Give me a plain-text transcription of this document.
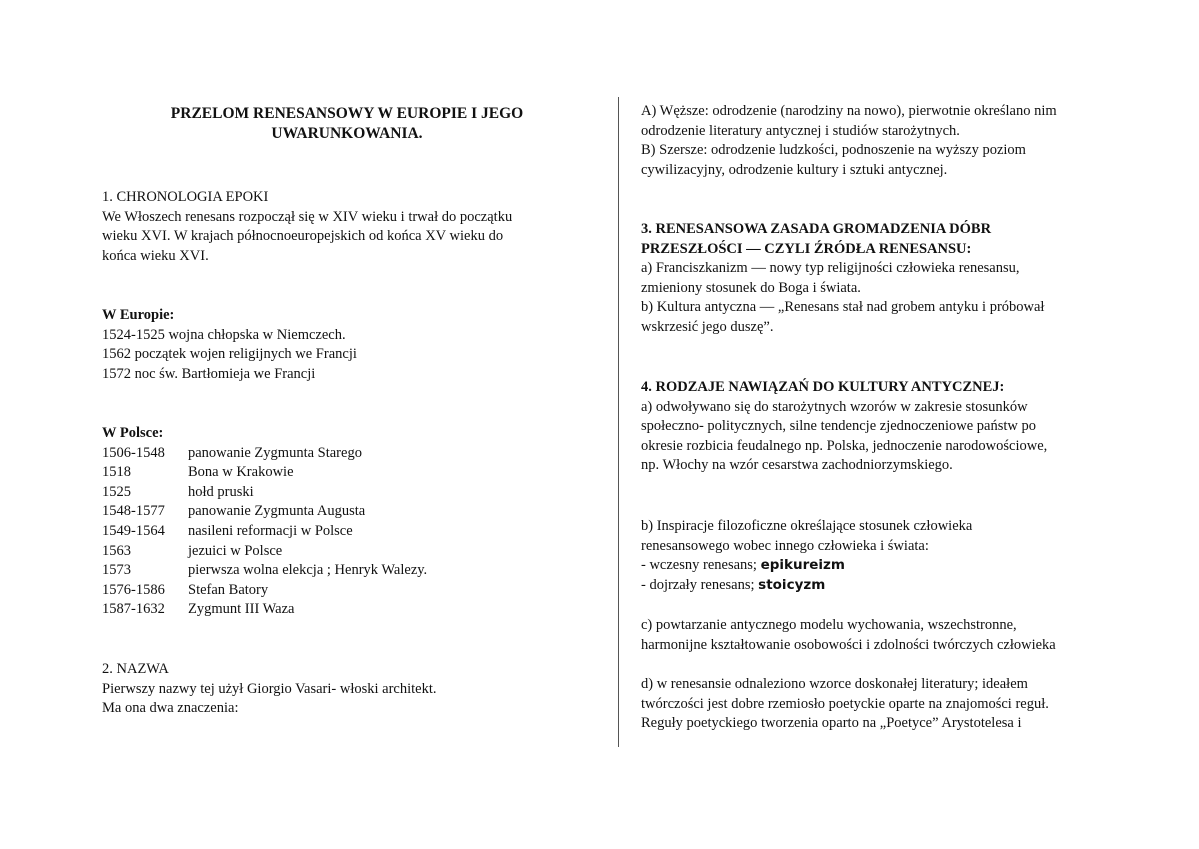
PRZELOM RENESANSOWY W EUROPIE I JEGO
UWARUNKOWANIA.
1. CHRONOLOGIA EPOKI
We Włoszech renesans rozpoczął się w XIV wieku i trwał do początku
wieku XVI. W krajach północnoeuropejskich od końca XV wieku do
końca wieku XVI.
W Europie:
1524-1525 wojna chłopska w Niemczech.
1562 początek wojen religijnych we Francji
1572 noc św. Bartłomieja we Francji
W Polsce:
1506-1548 panowanie Zygmunta Starego
1518	Bona w Krakowie
1525	hołd pruski
1548-1577 panowanie Zygmunta Augusta
1549-1564 nasileni reformacji w Polsce
1563	jezuici w Polsce
1573	pierwsza wolna elekcja ; Henryk Walezy.
1576-1586 Stefan Batory
1587-1632 Zygmunt III Waza
2. NAZWA
Pierwszy nazwy tej użył Giorgio Vasari- włoski architekt.
Ma ona dwa znaczenia:
A) Węższe: odrodzenie (narodziny na nowo), pierwotnie określano nim
odrodzenie literatury antycznej i studiów starożytnych.
B) Szersze: odrodzenie ludzkości, podnoszenie na wyższy poziom
cywilizacyjny, odrodzenie kultury i sztuki antycznej.
3. RENESANSOWA ZASADA GROMADZENIA DÓBR
PRZESZŁOŚCI — CZYLI ŹRÓDŁA RENESANSU:
a) Franciszkanizm — nowy typ religijności człowieka renesansu,
zmieniony stosunek do Boga i świata.
b) Kultura antyczna — „Renesans stał nad grobem antyku i próbował
wskrzesić jego duszę”.
4. RODZAJE NAWIĄZAŃ DO KULTURY ANTYCZNEJ:
a) odwoływano się do starożytnych wzorów w zakresie stosunków
społeczno- politycznych, silne tendencje zjednoczeniowe państw po
okresie rozbicia feudalnego np. Polska, jednoczenie narodowościowe,
np. Włochy na wzór cesarstwa zachodniorzymskiego.
b) Inspiracje filozoficzne określające stosunek człowieka
renesansowego wobec innego człowieka i świata:
- wczesny renesans; epikureizm
- dojrzały renesans; stoicyzm
c) powtarzanie antycznego modelu wychowania, wszechstronne,
harmonijne kształtowanie osobowości i zdolności twórczych człowieka
d) w renesansie odnaleziono wzorce doskonałej literatury; ideałem
twórczości jest dobre rzemiosło poetyckie oparte na znajomości reguł.
Reguły poetyckiego tworzenia oparto na „Poetyce” Arystotelesa i
